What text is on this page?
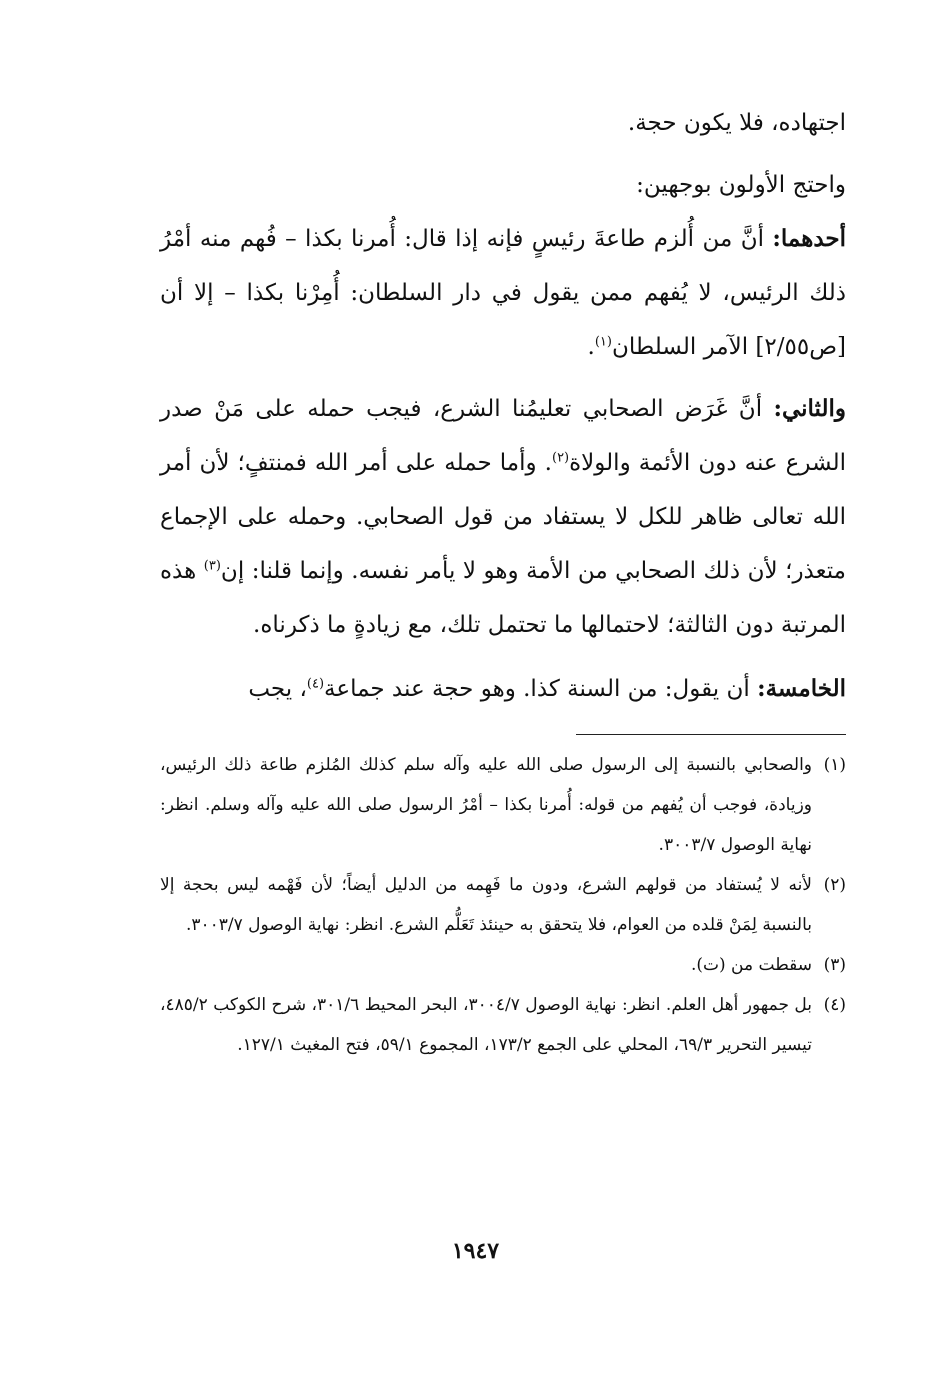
اجتهاده، فلا يكون حجة.

واحتج الأولون بوجهين:

أحدهما: أنَّ من أُلزم طاعةَ رئيسٍ فإنه إذا قال: أُمرنا بكذا – فُهم منه أمْرُ ذلك الرئيس، لا يُفهم ممن يقول في دار السلطان: أُمِرْنا بكذا – إلا أن [ص٢/٥٥] الآمر السلطان$^{(١)}$.

والثاني: أنَّ غَرَض الصحابي تعليمُنا الشرع، فيجب حمله على مَنْ صدر الشرع عنه دون الأئمة والولاة$^{(٢)}$. وأما حمله على أمر الله فمنتفٍ؛ لأن أمر الله تعالى ظاهر للكل لا يستفاد من قول الصحابي. وحمله على الإجماع متعذر؛ لأن ذلك الصحابي من الأمة وهو لا يأمر نفسه. وإنما قلنا: إن$^{(٣)}$ هذه المرتبة دون الثالثة؛ لاحتمالها ما تحتمل تلك، مع زيادةٍ ما ذكرناه.

الخامسة: أن يقول: من السنة كذا. وهو حجة عند جماعة$^{(٤)}$، يجب

(١)
والصحابي بالنسبة إلى الرسول صلى الله عليه وآله سلم كذلك المُلزم طاعة ذلك الرئيس، وزيادة، فوجب أن يُفهم من قوله: أُمرنا بكذا – أمْرُ الرسول صلى الله عليه وآله وسلم. انظر: نهاية الوصول ٣٠٠٣/٧.
(٢)
لأنه لا يُستفاد من قولهم الشرع، ودون ما فَهِمه من الدليل أيضاً؛ لأن فَهْمه ليس بحجة إلا بالنسبة لِمَنْ قلده من العوام، فلا يتحقق به حينئذ تَعَلُّم الشرع. انظر: نهاية الوصول ٣٠٠٣/٧.
(٣)
سقطت من (ت).
(٤)
بل جمهور أهل العلم. انظر: نهاية الوصول ٣٠٠٤/٧، البحر المحيط ٣٠١/٦، شرح الكوكب ٤٨٥/٢، تيسير التحرير ٦٩/٣، المحلي على الجمع ١٧٣/٢، المجموع ٥٩/١، فتح المغيث ١٢٧/١.
١٩٤٧
